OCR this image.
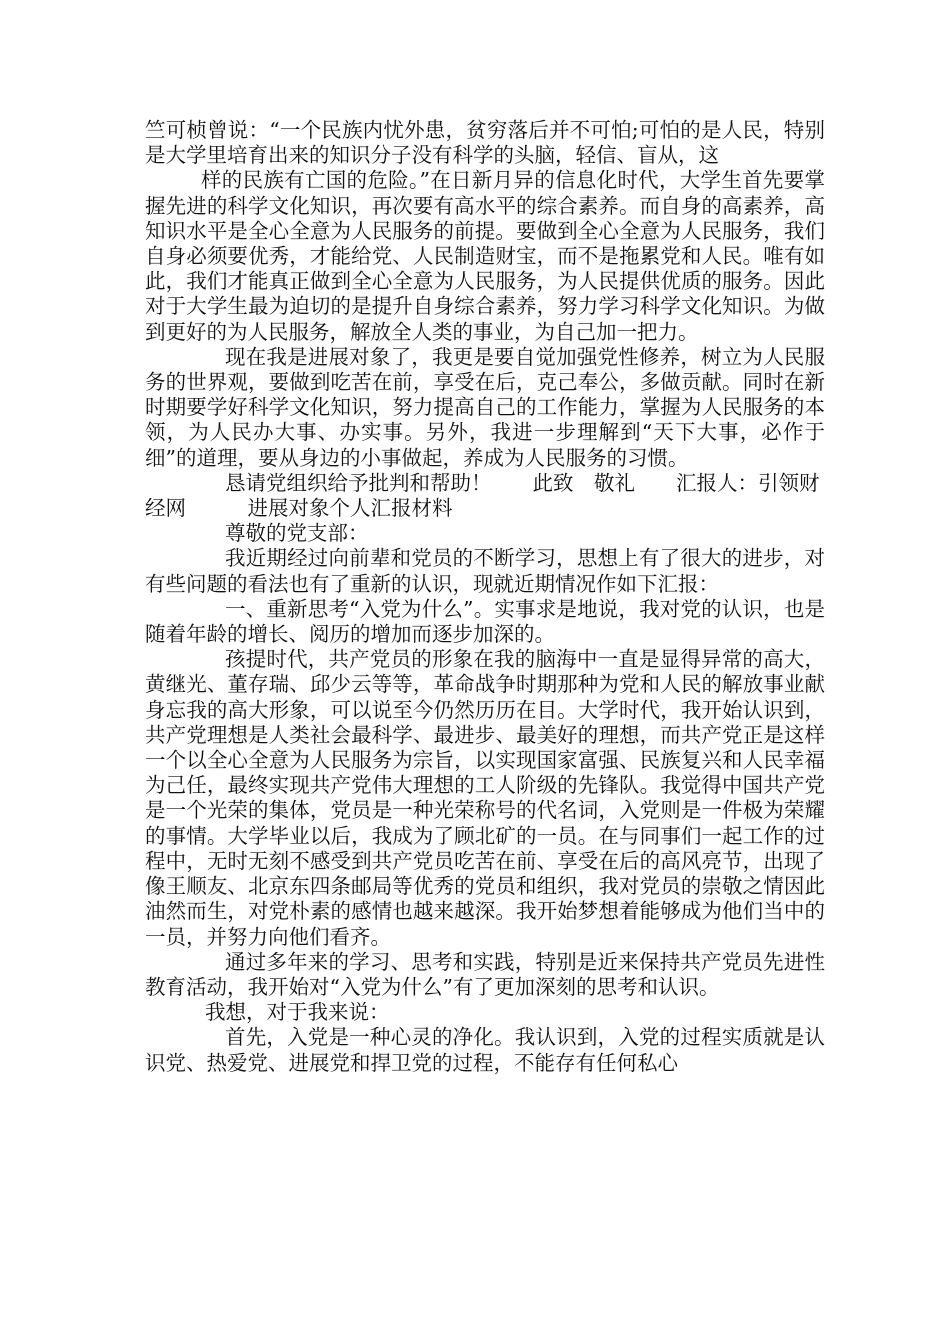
竺可桢曾说：“一个民族内忧外患，贫穷落后并不可怕;可怕的是人民，特别是大学里培育出来的知识分子没有科学的头脑，轻信、盲从，这

样的民族有亡国的危险。”在日新月异的信息化时代，大学生首先要掌握先进的科学文化知识，再次要有高水平的综合素养。而自身的高素养，高知识水平是全心全意为人民服务的前提。要做到全心全意为人民服务，我们自身必须要优秀，才能给党、人民制造财宝，而不是拖累党和人民。唯有如此，我们才能真正做到全心全意为人民服务，为人民提供优质的服务。因此对于大学生最为迫切的是提升自身综合素养，努力学习科学文化知识。为做到更好的为人民服务，解放全人类的事业，为自己加一把力。

现在我是进展对象了，我更是要自觉加强党性修养，树立为人民服务的世界观，要做到吃苦在前，享受在后，克己奉公，多做贡献。同时在新时期要学好科学文化知识，努力提高自己的工作能力，掌握为人民服务的本领，为人民办大事、办实事。另外，我进一步理解到“天下大事，必作于细”的道理，要从身边的小事做起，养成为人民服务的习惯。

恳请党组织给予批判和帮助！　　此致　敬礼　　汇报人：引领财经网　　　进展对象个人汇报材料

尊敬的党支部：

我近期经过向前辈和党员的不断学习，思想上有了很大的进步，对有些问题的看法也有了重新的认识，现就近期情况作如下汇报：

一、重新思考“入党为什么”。实事求是地说，我对党的认识，也是随着年龄的增长、阅历的增加而逐步加深的。

孩提时代，共产党员的形象在我的脑海中一直是显得异常的高大，黄继光、董存瑞、邱少云等等，革命战争时期那种为党和人民的解放事业献身忘我的高大形象，可以说至今仍然历历在目。大学时代，我开始认识到，共产党理想是人类社会最科学、最进步、最美好的理想，而共产党正是这样一个以全心全意为人民服务为宗旨，以实现国家富强、民族复兴和人民幸福为己任，最终实现共产党伟大理想的工人阶级的先锋队。我觉得中国共产党是一个光荣的集体，党员是一种光荣称号的代名词，入党则是一件极为荣耀的事情。大学毕业以后，我成为了顾北矿的一员。在与同事们一起工作的过程中，无时无刻不感受到共产党员吃苦在前、享受在后的高风亮节，出现了像王顺友、北京东四条邮局等优秀的党员和组织，我对党员的崇敬之情因此油然而生，对党朴素的感情也越来越深。我开始梦想着能够成为他们当中的一员，并努力向他们看齐。

通过多年来的学习、思考和实践，特别是近来保持共产党员先进性教育活动，我开始对“入党为什么”有了更加深刻的思考和认识。

我想，对于我来说：

首先，入党是一种心灵的净化。我认识到，入党的过程实质就是认识党、热爱党、进展党和捍卫党的过程，不能存有任何私心
